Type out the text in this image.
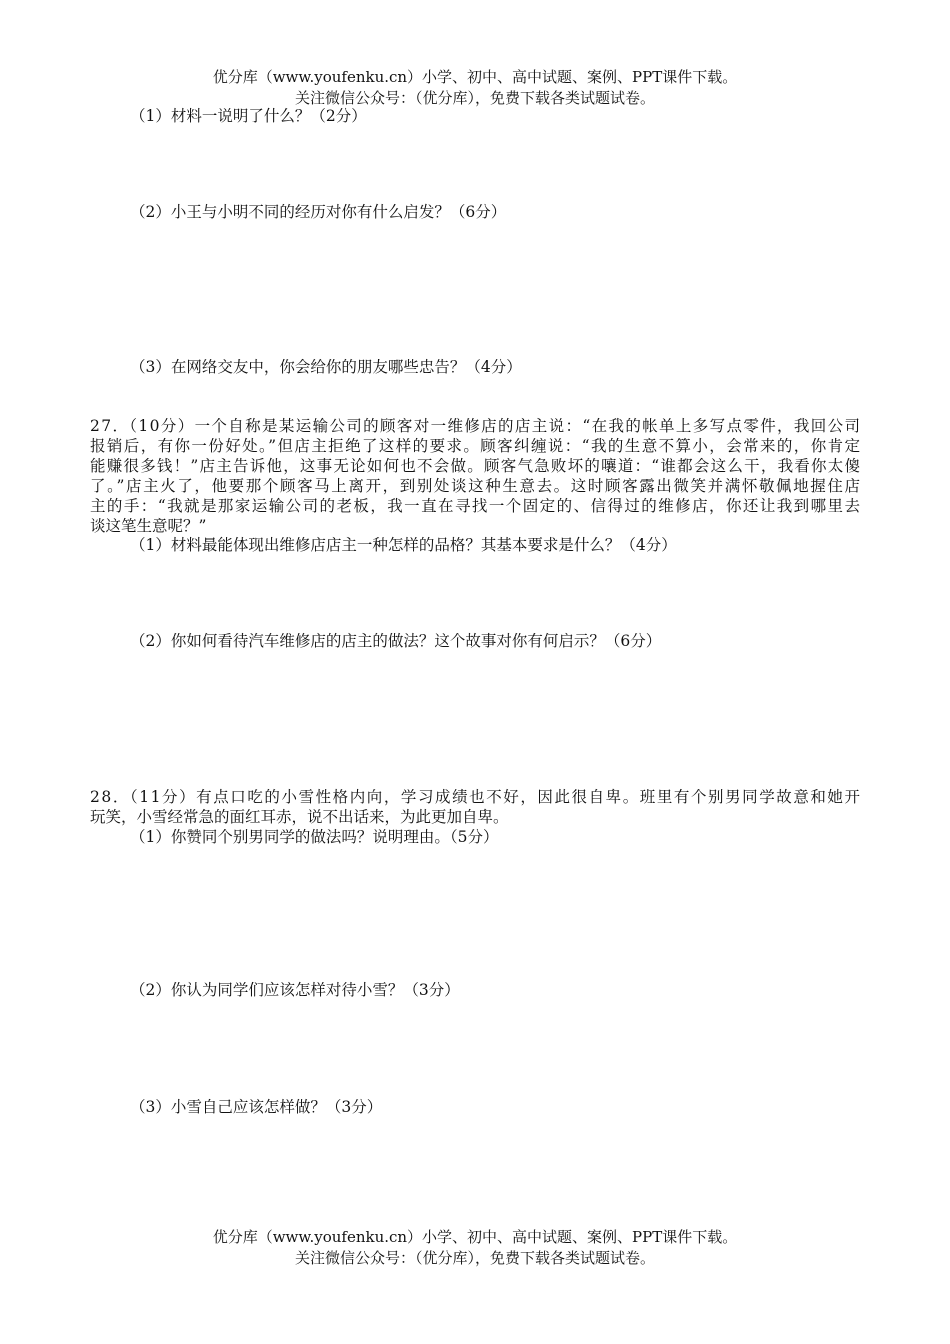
优分库（www.youfenku.cn）小学、初中、高中试题、案例、PPT课件下载。
关注微信公众号：（优分库），免费下载各类试题试卷。
（1）材料一说明了什么？（2分）
（2）小王与小明不同的经历对你有什么启发？（6分）
（3）在网络交友中，你会给你的朋友哪些忠告？（4分）
27．（10分）一个自称是某运输公司的顾客对一维修店的店主说：“在我的帐单上多写点零件，我回公司
报销后，有你一份好处。”但店主拒绝了这样的要求。顾客纠缠说：“我的生意不算小，会常来的，你肯定
能赚很多钱！”店主告诉他，这事无论如何也不会做。顾客气急败坏的嚷道：“谁都会这么干，我看你太傻
了。”店主火了，他要那个顾客马上离开，到别处谈这种生意去。这时顾客露出微笑并满怀敬佩地握住店
主的手：“我就是那家运输公司的老板，我一直在寻找一个固定的、信得过的维修店，你还让我到哪里去
谈这笔生意呢？”
（1）材料最能体现出维修店店主一种怎样的品格？其基本要求是什么？（4分）
（2）你如何看待汽车维修店的店主的做法？这个故事对你有何启示？（6分）
28．（11分）有点口吃的小雪性格内向，学习成绩也不好，因此很自卑。班里有个别男同学故意和她开
玩笑，小雪经常急的面红耳赤，说不出话来，为此更加自卑。
（1）你赞同个别男同学的做法吗？说明理由。（5分）
（2）你认为同学们应该怎样对待小雪？（3分）
（3）小雪自己应该怎样做？（3分）
优分库（www.youfenku.cn）小学、初中、高中试题、案例、PPT课件下载。
关注微信公众号：（优分库），免费下载各类试题试卷。
